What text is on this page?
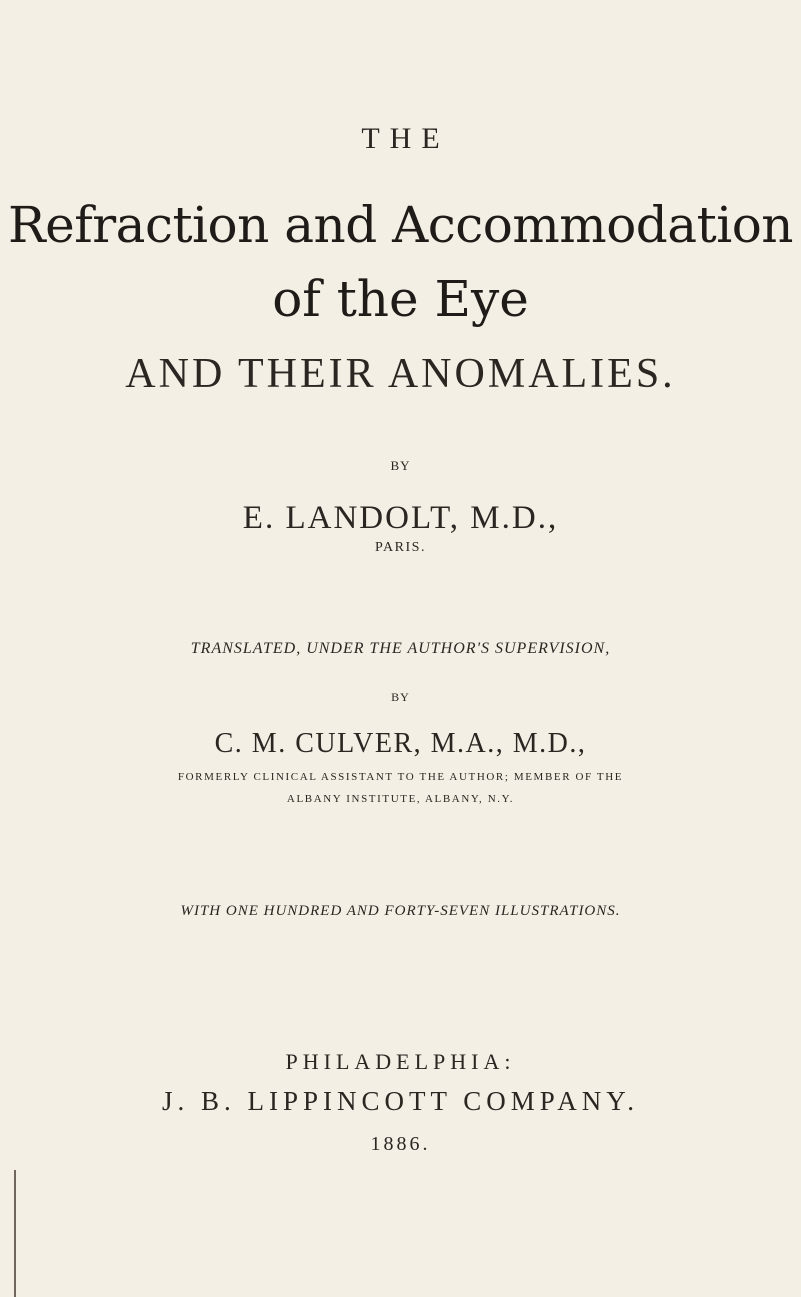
THE
Refraction and Accommodation
of the Eye
AND THEIR ANOMALIES.
BY
E. LANDOLT, M.D.,
PARIS.
TRANSLATED, UNDER THE AUTHOR'S SUPERVISION,
BY
C. M. CULVER, M.A., M.D.,
FORMERLY CLINICAL ASSISTANT TO THE AUTHOR; MEMBER OF THE
ALBANY INSTITUTE, ALBANY, N.Y.
WITH ONE HUNDRED AND FORTY-SEVEN ILLUSTRATIONS.
PHILADELPHIA:
J. B. LIPPINCOTT COMPANY.
1886.
